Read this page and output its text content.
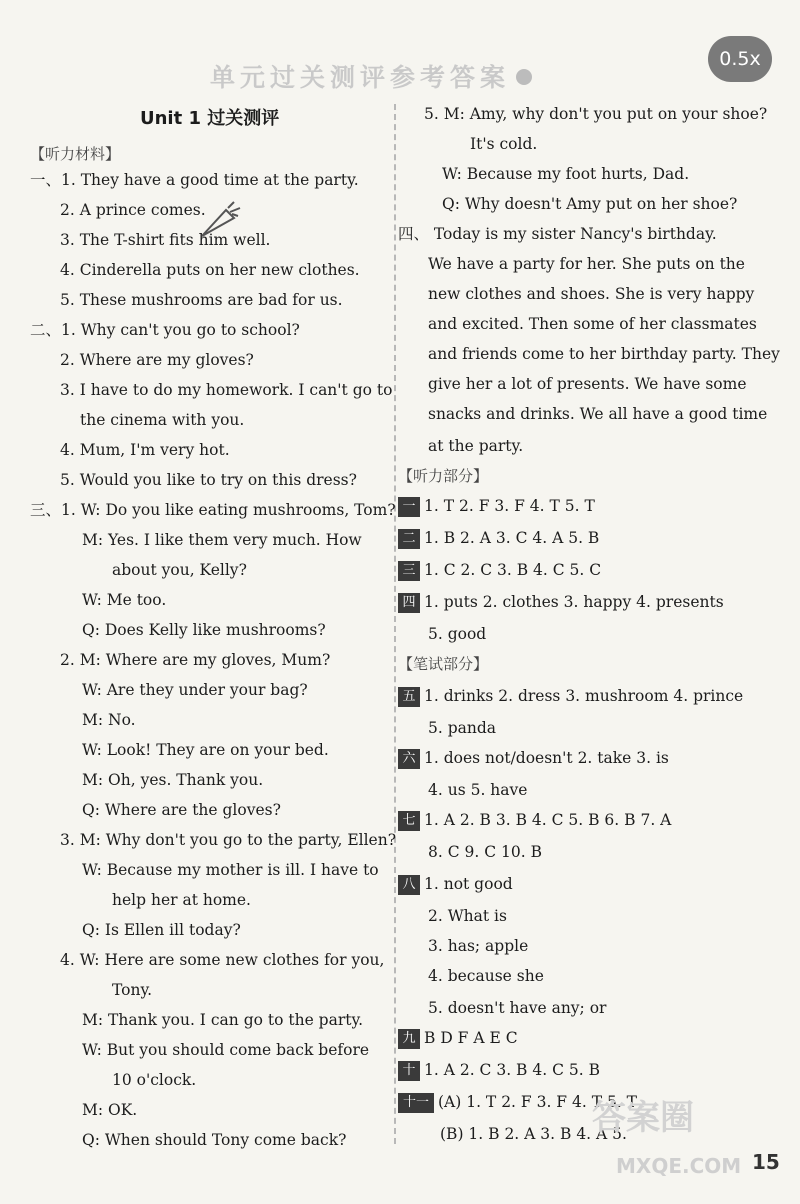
单元过关测评参考答案
0.5x
Unit 1 过关测评
【听力材料】
一、1. They have a good time at the party.
2. A prince comes.
3. The T-shirt fits him well.
4. Cinderella puts on her new clothes.
5. These mushrooms are bad for us.
二、1. Why can't you go to school?
2. Where are my gloves?
3. I have to do my homework. I can't go to
the cinema with you.
4. Mum, I'm very hot.
5. Would you like to try on this dress?
三、1. W: Do you like eating mushrooms, Tom?
M: Yes. I like them very much. How
about you, Kelly?
W: Me too.
Q: Does Kelly like mushrooms?
2. M: Where are my gloves, Mum?
W: Are they under your bag?
M: No.
W: Look! They are on your bed.
M: Oh, yes. Thank you.
Q: Where are the gloves?
3. M: Why don't you go to the party, Ellen?
W: Because my mother is ill. I have to
help her at home.
Q: Is Ellen ill today?
4. W: Here are some new clothes for you,
Tony.
M: Thank you. I can go to the party.
W: But you should come back before
10 o'clock.
M: OK.
Q: When should Tony come back?
5. M: Amy, why don't you put on your shoe?
It's cold.
W: Because my foot hurts, Dad.
Q: Why doesn't Amy put on her shoe?
四、 Today is my sister Nancy's birthday.
We have a party for her. She puts on the
new clothes and shoes. She is very happy
and excited. Then some of her classmates
and friends come to her birthday party. They
give her a lot of presents. We have some
snacks and drinks. We all have a good time
at the party.
【听力部分】
一 1. T 2. F 3. F 4. T 5. T
二 1. B 2. A 3. C 4. A 5. B
三 1. C 2. C 3. B 4. C 5. C
四 1. puts 2. clothes 3. happy 4. presents
5. good
【笔试部分】
五 1. drinks 2. dress 3. mushroom 4. prince
5. panda
六 1. does not/doesn't 2. take 3. is
4. us 5. have
七 1. A 2. B 3. B 4. C 5. B 6. B 7. A
8. C 9. C 10. B
八 1. not good
2. What is
3. has; apple
4. because she
5. doesn't have any; or
九 B D F A E C
十 1. A 2. C 3. B 4. C 5. B
十一 (A) 1. T 2. F 3. F 4. T 5. T
(B) 1. B 2. A 3. B 4. A 5.
答案圈
MXQE.COM 15
